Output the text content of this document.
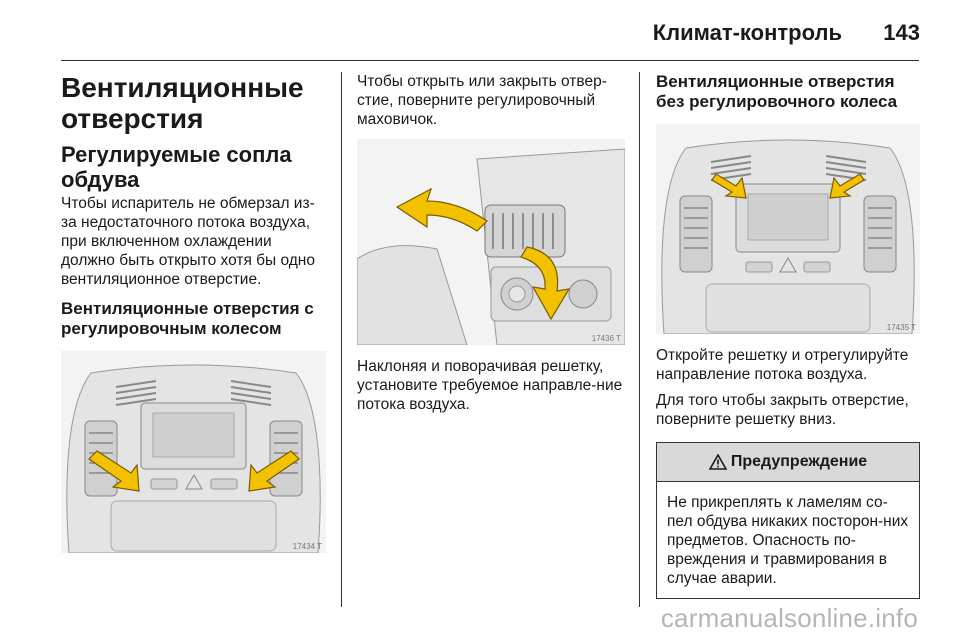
Климат-контроль 143
Вентиляционные отверстия
Регулируемые сопла обдува

Чтобы испаритель не обмерзал из-за недостаточного потока воздуха, при включенном охлаждении должно быть открыто хотя бы одно вентиляционное отверстие.

Вентиляционные отверстия с регулировочным колесом
17434 T

Чтобы открыть или закрыть отвер-стие, поверните регулировочный маховичок.

17436 T

Наклоняя и поворачивая решетку, установите требуемое направле-ние потока воздуха.

Вентиляционные отверстия без регулировочного колеса
17435 T

Откройте решетку и отрегулируйте направление потока воздуха.

Для того чтобы закрыть отверстие, поверните решетку вниз.

Предупреждение
Не прикреплять к ламелям со-пел обдува никаких посторон-них предметов. Опасность по-вреждения и травмирования в случае аварии.
carmanualsonline.info
